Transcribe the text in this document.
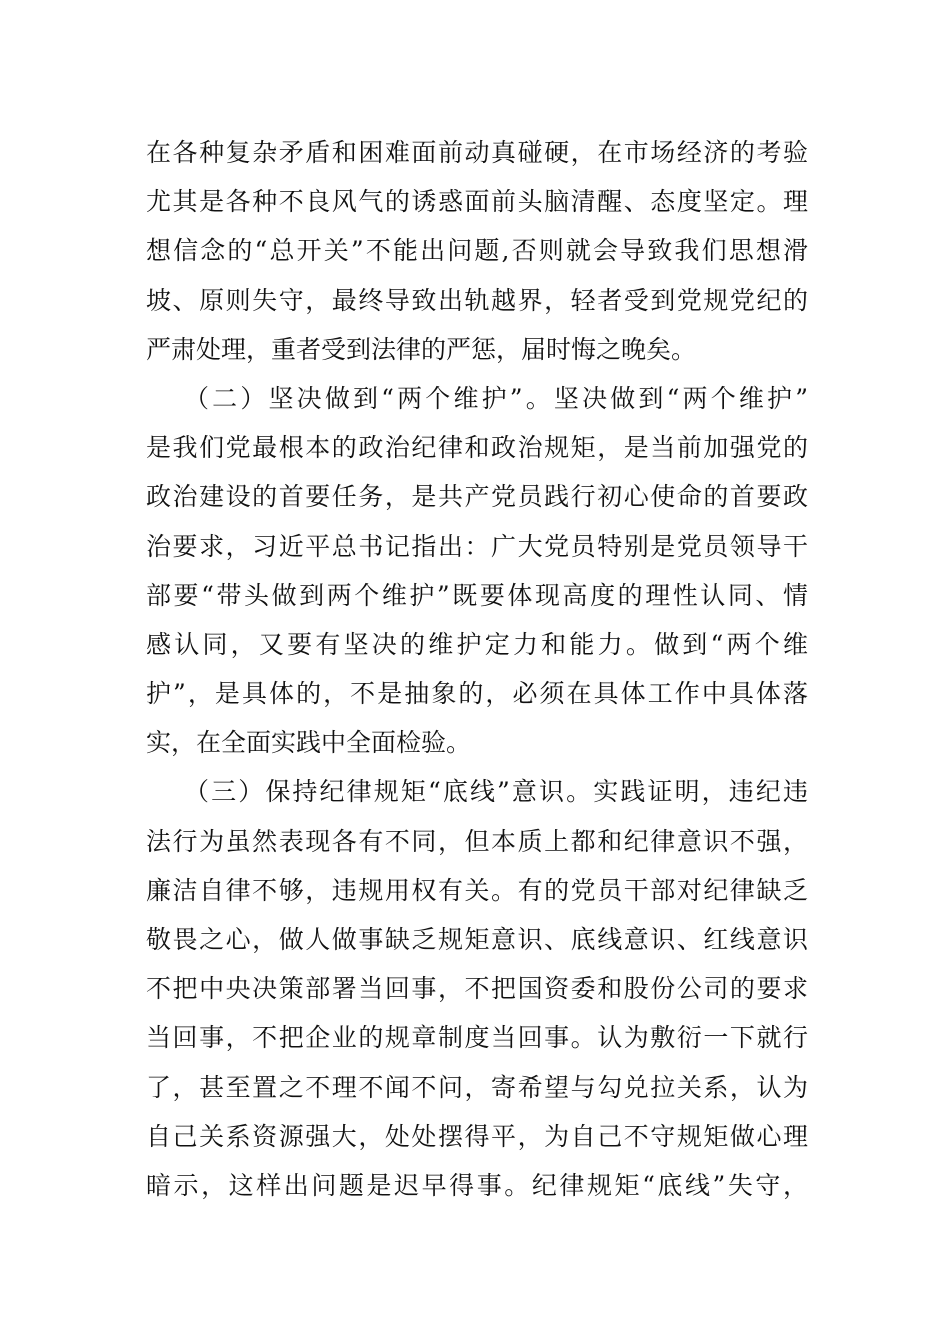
在各种复杂矛盾和困难面前动真碰硬，在市场经济的考验
尤其是各种不良风气的诱惑面前头脑清醒、态度坚定。理
想信念的“总开关”不能出问题,否则就会导致我们思想滑
坡、原则失守，最终导致出轨越界，轻者受到党规党纪的
严肃处理，重者受到法律的严惩，届时悔之晚矣。
（二）坚决做到“两个维护”。坚决做到“两个维护”
是我们党最根本的政治纪律和政治规矩，是当前加强党的
政治建设的首要任务，是共产党员践行初心使命的首要政
治要求，习近平总书记指出：广大党员特别是党员领导干
部要“带头做到两个维护”既要体现高度的理性认同、情
感认同，又要有坚决的维护定力和能力。做到“两个维
护”，是具体的，不是抽象的，必须在具体工作中具体落
实，在全面实践中全面检验。
（三）保持纪律规矩“底线”意识。实践证明，违纪违
法行为虽然表现各有不同，但本质上都和纪律意识不强，
廉洁自律不够，违规用权有关。有的党员干部对纪律缺乏
敬畏之心，做人做事缺乏规矩意识、底线意识、红线意识
不把中央决策部署当回事，不把国资委和股份公司的要求
当回事，不把企业的规章制度当回事。认为敷衍一下就行
了，甚至置之不理不闻不问，寄希望与勾兑拉关系，认为
自己关系资源强大，处处摆得平，为自己不守规矩做心理
暗示，这样出问题是迟早得事。纪律规矩“底线”失守，
